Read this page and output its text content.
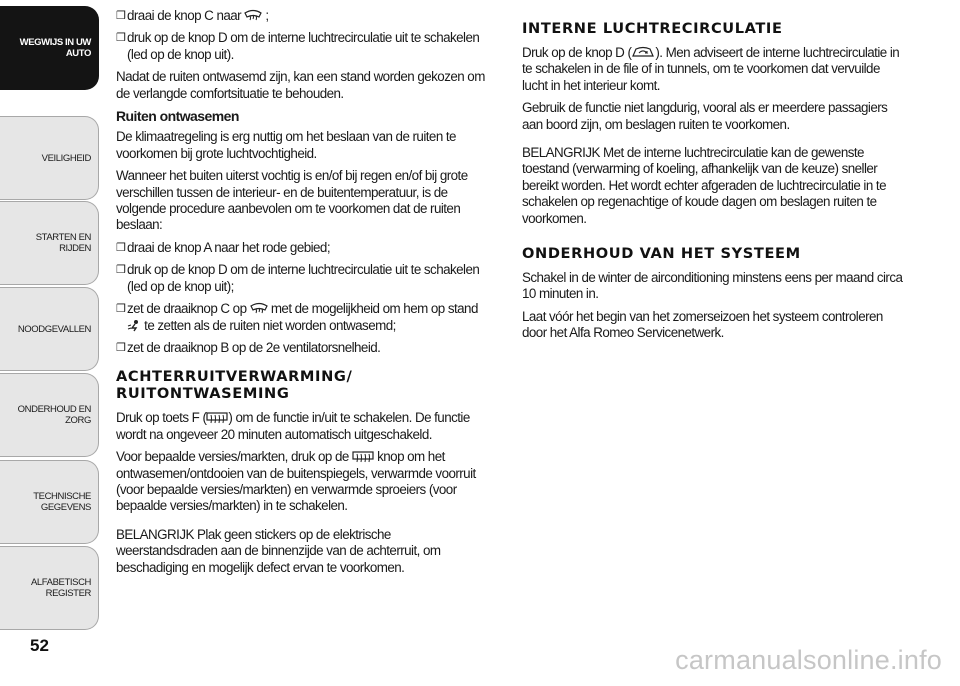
WEGWIJS IN UW
AUTO
VEILIGHEID
STARTEN EN RIJDEN
NOODGEVALLEN
ONDERHOUD EN
ZORG
TECHNISCHE
GEGEVENS
ALFABETISCH
REGISTER
52
❒ draai de knop C naar ;
❒ druk op de knop D om de interne luchtrecirculatie uit te schakelen (led op de knop uit).

Nadat de ruiten ontwasemd zijn, kan een stand worden gekozen om de verlangde comfortsituatie te behouden.

Ruiten ontwasemen

De klimaatregeling is erg nuttig om het beslaan van de ruiten te voorkomen bij grote luchtvochtigheid.

Wanneer het buiten uiterst vochtig is en/of bij regen en/of bij grote verschillen tussen de interieur- en de buitentemperatuur, is de volgende procedure aanbevolen om te voorkomen dat de ruiten beslaan:

❒ draai de knop A naar het rode gebied;
❒ druk op de knop D om de interne luchtrecirculatie uit te schakelen (led op de knop uit);
❒ zet de draaiknop C op met de mogelijkheid om hem op stand  te zetten als de ruiten niet worden ontwasemd;
❒ zet de draaiknop B op de 2e ventilatorsnelheid.
ACHTERRUITVERWARMING/
RUITONTWASEMING

Druk op toets F ( ) om de functie in/uit te schakelen. De functie wordt na ongeveer 20 minuten automatisch uitgeschakeld.

Voor bepaalde versies/markten, druk op de knop om het ontwasemen/ontdooien van de buitenspiegels, verwarmde voorruit (voor bepaalde versies/markten) en verwarmde sproeiers (voor bepaalde versies/markten) in te schakelen.

BELANGRIJK Plak geen stickers op de elektrische weerstandsdraden aan de binnenzijde van de achterruit, om beschadiging en mogelijk defect ervan te voorkomen.

INTERNE LUCHTRECIRCULATIE

Druk op de knop D ( ). Men adviseert de interne luchtrecirculatie in te schakelen in de file of in tunnels, om te voorkomen dat vervuilde lucht in het interieur komt.

Gebruik de functie niet langdurig, vooral als er meerdere passagiers aan boord zijn, om beslagen ruiten te voorkomen.

BELANGRIJK Met de interne luchtrecirculatie kan de gewenste toestand (verwarming of koeling, afhankelijk van de keuze) sneller bereikt worden. Het wordt echter afgeraden de luchtrecirculatie in te schakelen op regenachtige of koude dagen om beslagen ruiten te voorkomen.

ONDERHOUD VAN HET SYSTEEM

Schakel in de winter de airconditioning minstens eens per maand circa 10 minuten in.

Laat vóór het begin van het zomerseizoen het systeem controleren door het Alfa Romeo Servicenetwerk.

carmanualsonline.info
